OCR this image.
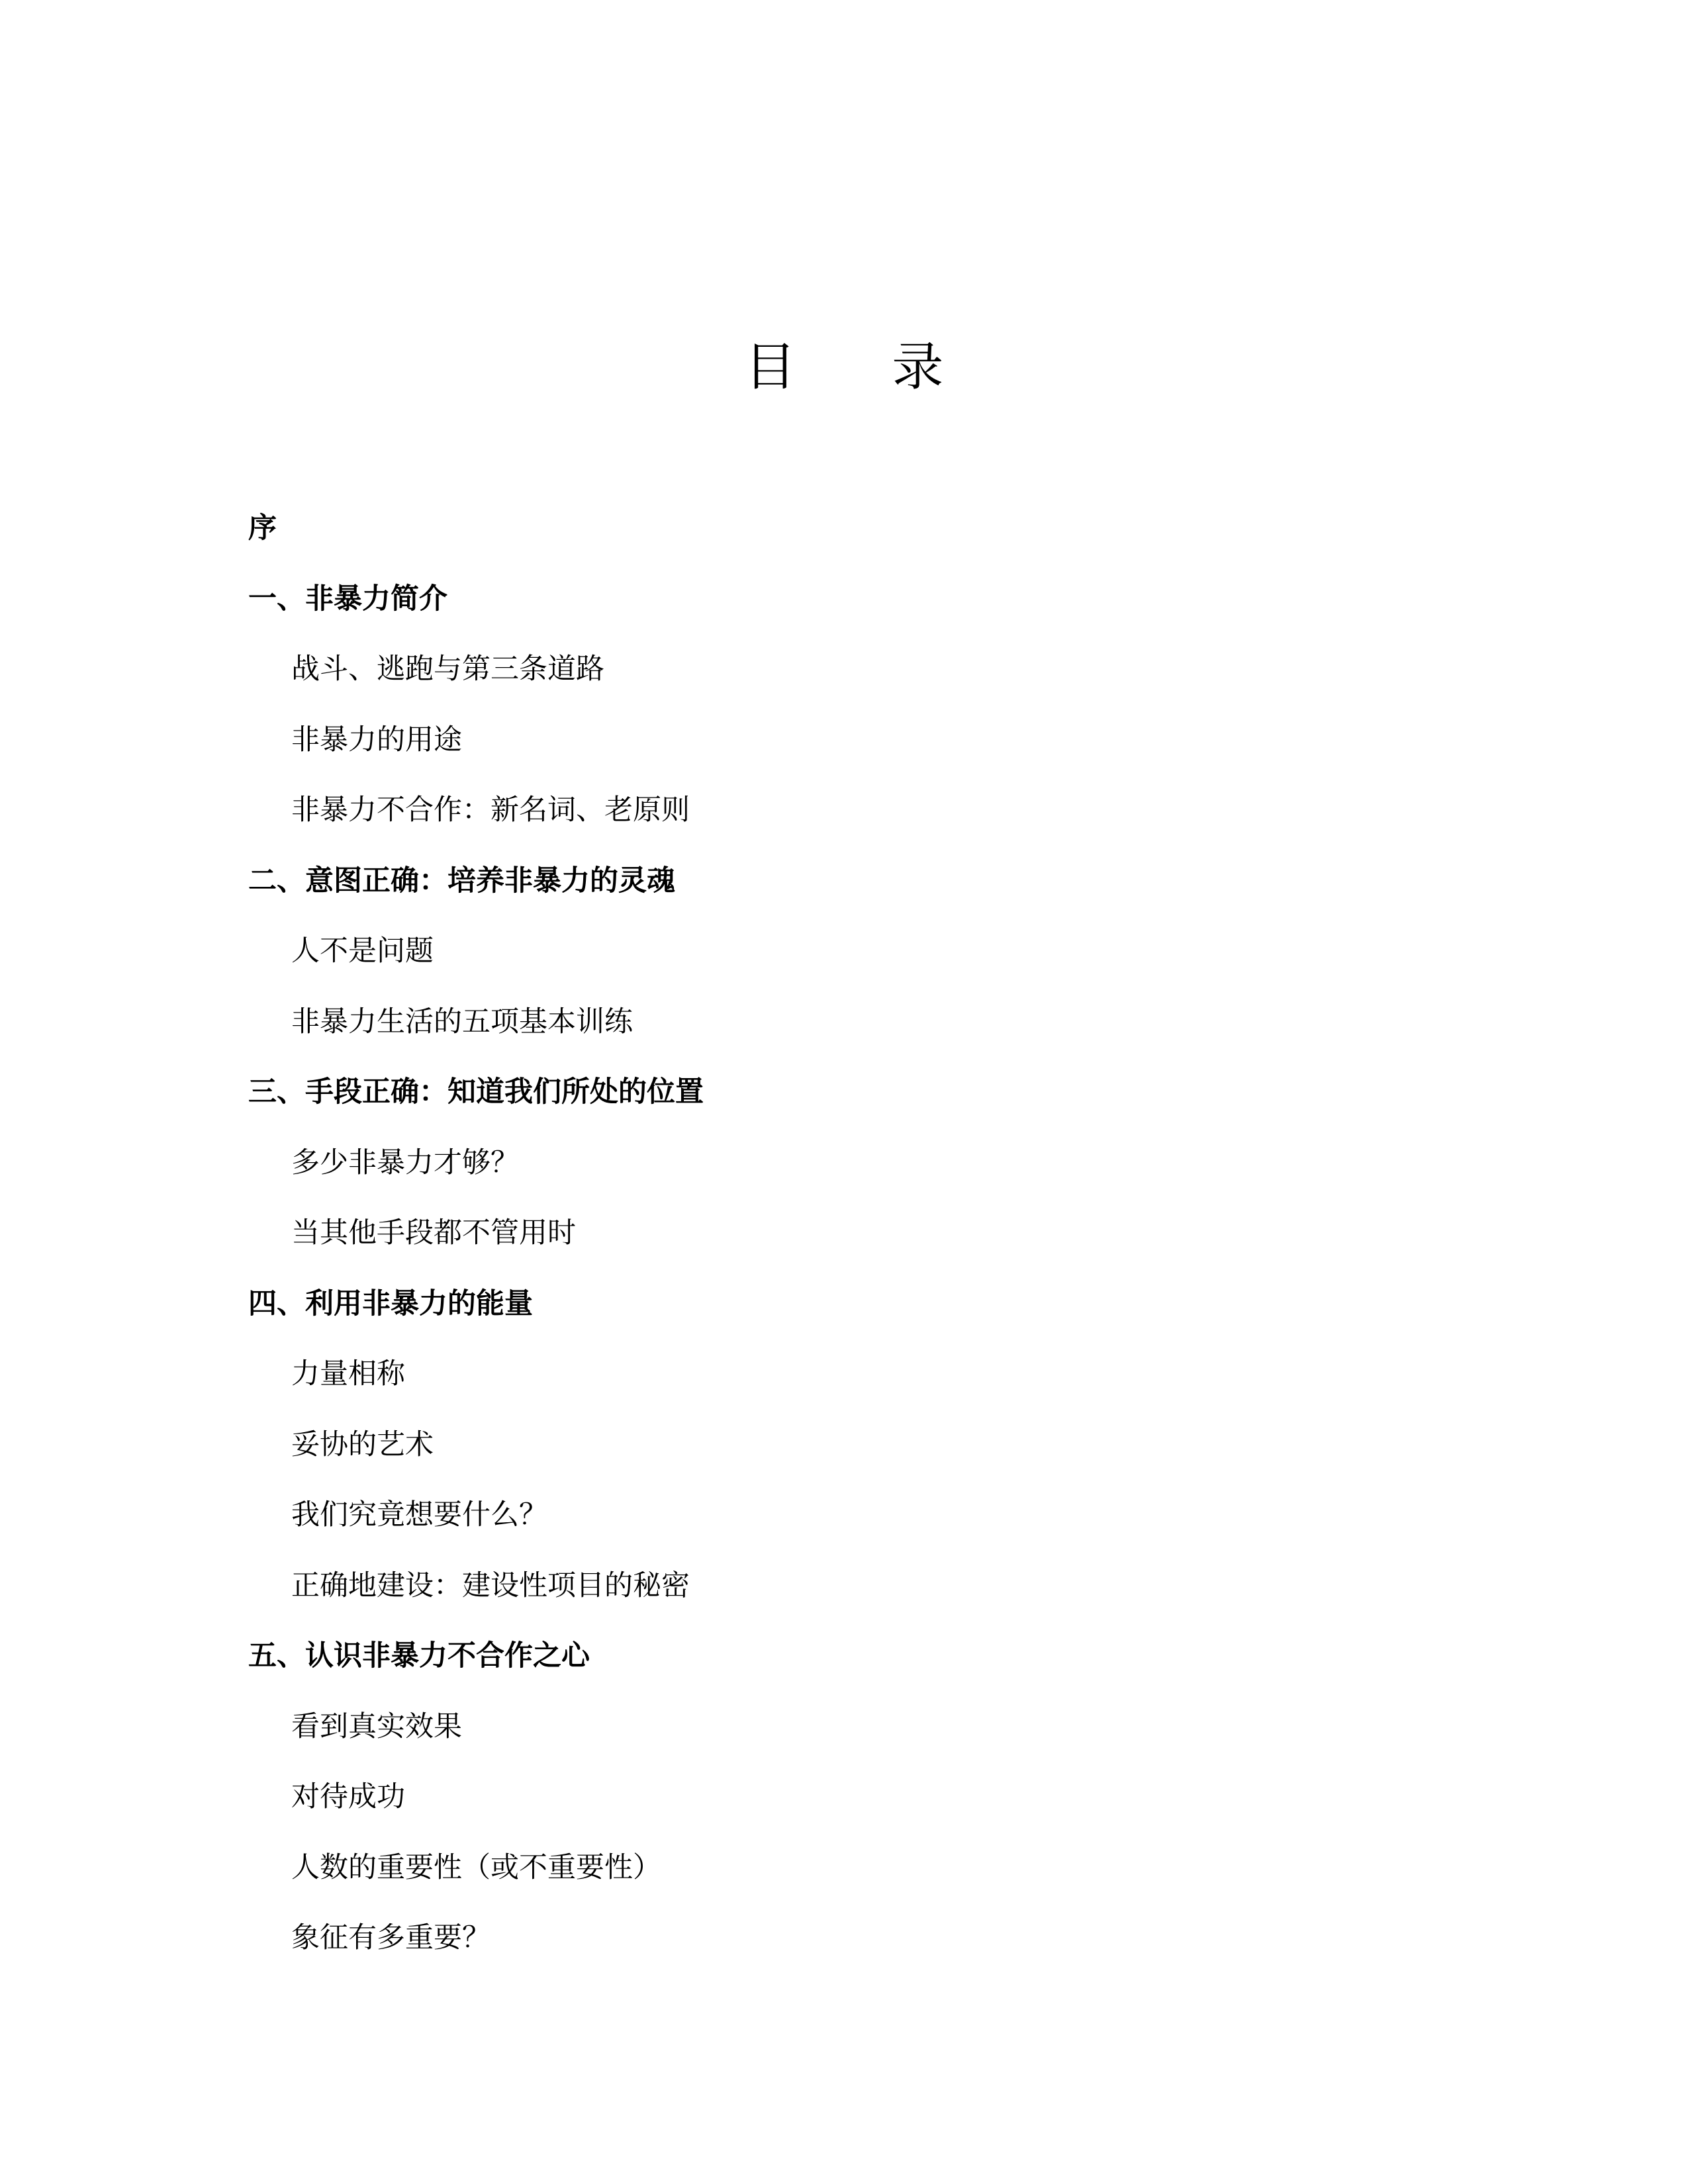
目 录
序
一、非暴力简介
战斗、逃跑与第三条道路
非暴力的用途
非暴力不合作：新名词、老原则
二、意图正确：培养非暴力的灵魂
人不是问题
非暴力生活的五项基本训练
三、手段正确：知道我们所处的位置
多少非暴力才够？
当其他手段都不管用时
四、利用非暴力的能量
力量相称
妥协的艺术
我们究竟想要什么？
正确地建设：建设性项目的秘密
五、认识非暴力不合作之心
看到真实效果
对待成功
人数的重要性（或不重要性）
象征有多重要？
